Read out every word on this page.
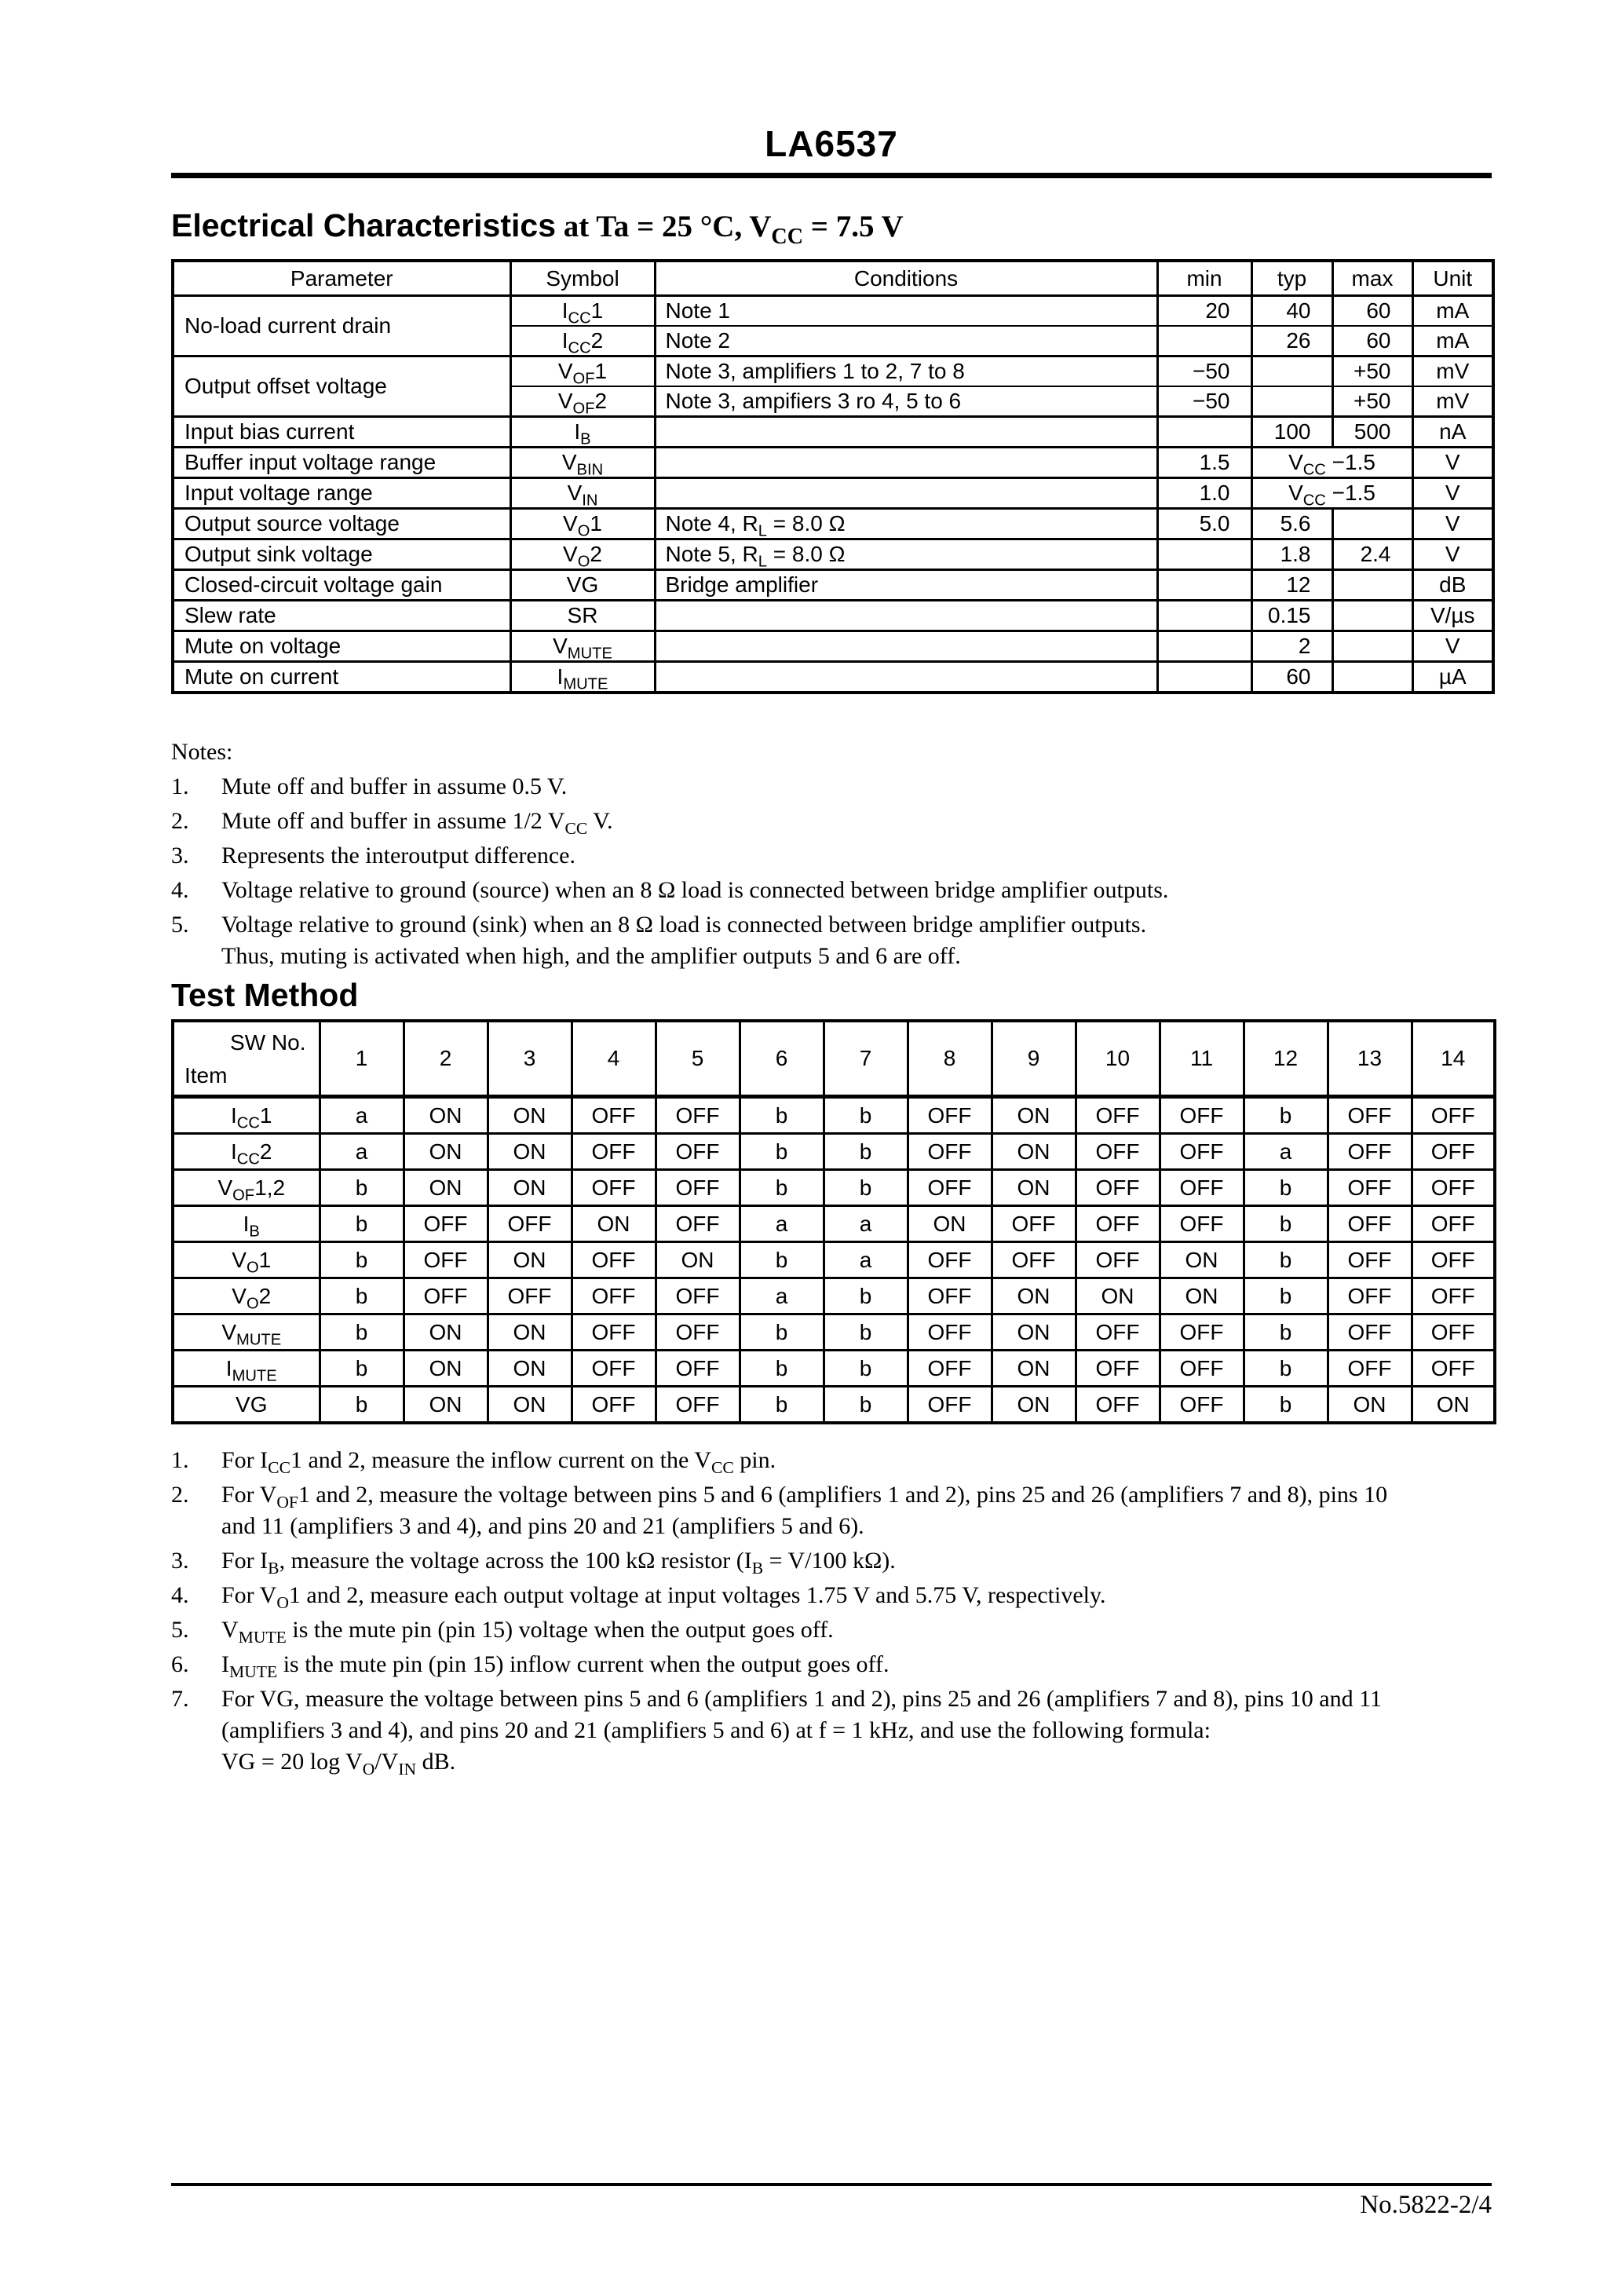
LA6537
Electrical Characteristics at Ta = 25 °C, $V_{CC} = 7.5$ V
Parameter	Symbol	Conditions	min	typ	max	Unit
No-load current drain	$I_{CC}1$	Note 1	20	40	60	mA
	$I_{CC}2$	Note 2		26	60	mA
Output offset voltage	$V_{OF}1$	Note 3, amplifiers 1 to 2, 7 to 8	−50		+50	mV
	$V_{OF}2$	Note 3, ampifiers 3 ro 4, 5 to 6	−50		+50	mV
Input bias current	$I_B$			100	500	nA
Buffer input voltage range	$V_{BIN}$		1.5	$V_{CC} -1.5$		V
Input voltage range	$V_{IN}$		1.0	$V_{CC} -1.5$		V
Output source voltage	$V_O1$	Note 4, $R_L = 8.0$ Ω	5.0	5.6		V
Output sink voltage	$V_O2$	Note 5, $R_L = 8.0$ Ω		1.8	2.4	V
Closed-circuit voltage gain	VG	Bridge amplifier		12		dB
Slew rate	SR			0.15		V/µs
Mute on voltage	$V_{MUTE}$			2		V
Mute on current	$I_{MUTE}$			60		µA
Notes:
1.	Mute off and buffer in assume 0.5 V.
2.	Mute off and buffer in assume 1/2 $V_{CC}$ V.
3.	Represents the interoutput difference.
4.	Voltage relative to ground (source) when an 8 Ω load is connected between bridge amplifier outputs.
5.	Voltage relative to ground (sink) when an 8 Ω load is connected between bridge amplifier outputs.
Thus, muting is activated when high, and the amplifier outputs 5 and 6 are off.
Test Method
SW No.
Item	1	2	3	4	5	6	7	8	9	10	11	12	13	14
$I_{CC}1$	a	ON	ON	OFF	OFF	b	b	OFF	ON	OFF	OFF	b	OFF	OFF
$I_{CC}2$	a	ON	ON	OFF	OFF	b	b	OFF	ON	OFF	OFF	a	OFF	OFF
$V_{OF}1,2$	b	ON	ON	OFF	OFF	b	b	OFF	ON	OFF	OFF	b	OFF	OFF
$I_B$	b	OFF	OFF	ON	OFF	a	a	ON	OFF	OFF	OFF	b	OFF	OFF
$V_O1$	b	OFF	ON	OFF	ON	b	a	OFF	OFF	OFF	ON	b	OFF	OFF
$V_O2$	b	OFF	OFF	OFF	OFF	a	b	OFF	ON	ON	ON	b	OFF	OFF
$V_{MUTE}$	b	ON	ON	OFF	OFF	b	b	OFF	ON	OFF	OFF	b	OFF	OFF
$I_{MUTE}$	b	ON	ON	OFF	OFF	b	b	OFF	ON	OFF	OFF	b	OFF	OFF
VG	b	ON	ON	OFF	OFF	b	b	OFF	ON	OFF	OFF	b	ON	ON
1.	For $I_{CC}1$ and 2, measure the inflow current on the $V_{CC}$ pin.
2.	For $V_{OF}1$ and 2, measure the voltage between pins 5 and 6 (amplifiers 1 and 2), pins 25 and 26 (amplifiers 7 and 8), pins 10
and 11 (amplifiers 3 and 4), and pins 20 and 21 (amplifiers 5 and 6).
3.	For $I_B$, measure the voltage across the 100 kΩ resistor ($I_B = V/100$ kΩ).
4.	For $V_O1$ and 2, measure each output voltage at input voltages 1.75 V and 5.75 V, respectively.
5.	$V_{MUTE}$ is the mute pin (pin 15) voltage when the output goes off.
6.	$I_{MUTE}$ is the mute pin (pin 15) inflow current when the output goes off.
7.	For VG, measure the voltage between pins 5 and 6 (amplifiers 1 and 2), pins 25 and 26 (amplifiers 7 and 8), pins 10 and 11
(amplifiers 3 and 4), and pins 20 and 21 (amplifiers 5 and 6) at f = 1 kHz, and use the following formula:
VG = 20 $\log V_O/V_{IN}$ dB.
No.5822-2/4
